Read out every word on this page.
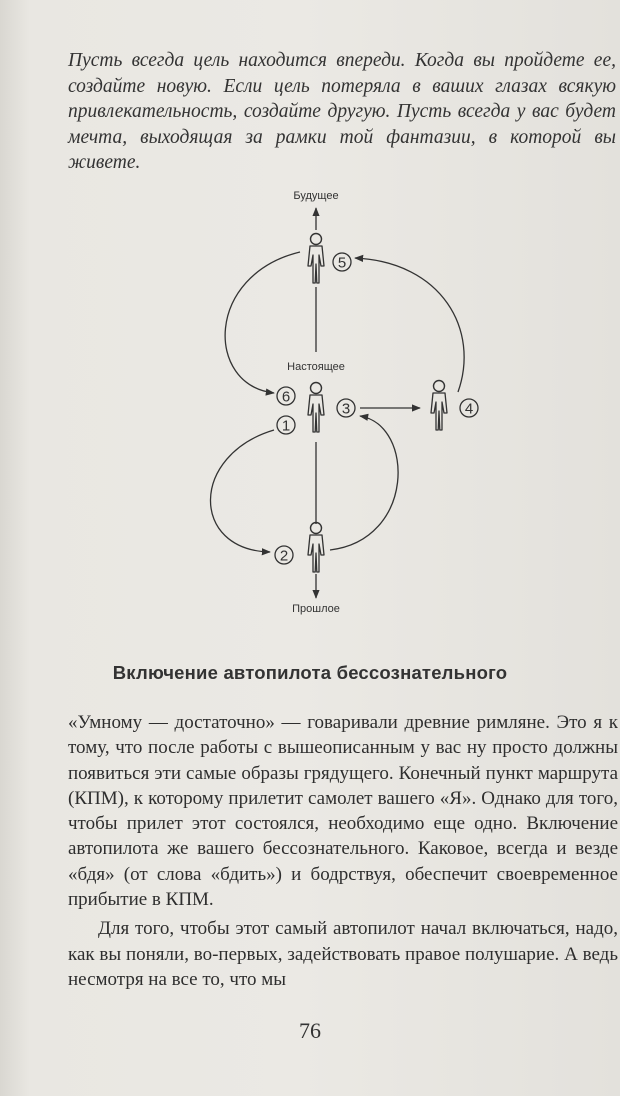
Пусть всегда цель находится впереди. Когда вы пройдете ее, создайте новую. Если цель потеряла в ваших глазах всякую привлекательность, создайте другую. Пусть всегда у вас будет мечта, выходящая за рамки той фантазии, в которой вы живете.

Будущее
5
Настоящее
6
1
3	4
2
Прошлое
Включение автопилота бессознательного

«Умному — достаточно» — говаривали древние римляне. Это я к тому, что после работы с вышеописанным у вас ну просто должны появиться эти самые образы грядущего. Конечный пункт маршрута (КПМ), к которому прилетит самолет вашего «Я». Однако для того, чтобы прилет этот состоялся, необходимо еще одно. Включение автопилота же вашего бессознательного. Каковое, всегда и везде «бдя» (от слова «бдить») и бодрствуя, обеспечит своевременное прибытие в КПМ.

Для того, чтобы этот самый автопилот начал включаться, надо, как вы поняли, во-первых, задействовать правое полушарие. А ведь несмотря на все то, что мы

76
